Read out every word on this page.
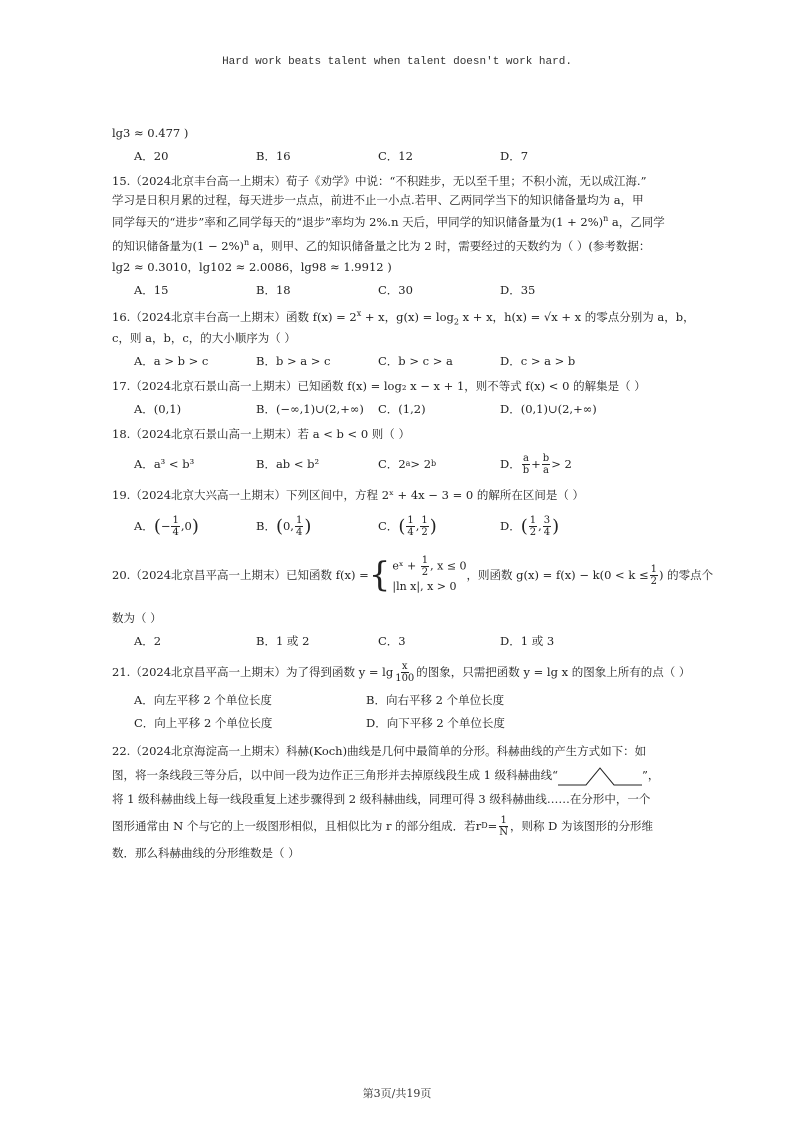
Hard work beats talent when talent doesn't work hard.

lg3 ≈ 0.477 )

A．20	B．16	C．12	D．7

15.（2024北京丰台高一上期末）荀子《劝学》中说：“不积跬步，无以至千里；不积小流，无以成江海.”

学习是日积月累的过程，每天进步一点点，前进不止一小点.若甲、乙两同学当下的知识储备量均为 a，甲

同学每天的“进步”率和乙同学每天的“退步”率均为 2%.n 天后，甲同学的知识储备量为$(1 + 2\%)^n$ a，乙同学

的知识储备量为$(1 - 2\%)^n$ a，则甲、乙的知识储备量之比为 2 时，需要经过的天数约为（ ）(参考数据：

lg2 ≈ 0.3010，lg102 ≈ 2.0086，lg98 ≈ 1.9912 )

A．15	B．18	C．30	D．35

16.（2024北京丰台高一上期末）函数 $f(x) = 2^x + x$，$g(x) = \log_2 x + x$，h(x) = √x + x 的零点分别为 a，b，

c，则 a，b，c，的大小顺序为（ ）

A．a > b > c	B．b > a > c	C．b > c > a	D．c > a > b

17.（2024北京石景山高一上期末）已知函数 f(x) = log₂ x − x + 1，则不等式 f(x) < 0 的解集是（ ）

A．(0,1)	B．(−∞,1)∪(2,+∞)	C．(1,2)	D．(0,1)∪(2,+∞)

18.（2024北京石景山高一上期末）若 a < b < 0 则（ ）

A． a³ < b³	B． ab < b²	C． 2 a > 2 b	D． $\frac{a}{b} + \frac{b}{a} > 2$

19.（2024北京大兴高一上期末）下列区间中，方程 2ˣ + 4x − 3 = 0 的解所在区间是（ ）

A． ( − $\frac{1}{4} ,0$ )	B． ( 0, $\frac{1}{4}$ )	C． ( $\frac{1}{4}$ , $\frac{1}{2}$ )	D． ( $\frac{1}{2}$ , $\frac{3}{4}$ )

20.（2024北京昌平高一上期末）已知函数 f(x) = { eˣ + $\frac{1}{2}$ , x ≤ 0
|ln x|, x > 0
，则函数 $g(x) = f(x) - k(0 < k \le \frac{1}{2}$ ) 的零点个

数为（ ）

A．2	B．1 或 2	C．3	D．1 或 3

21.（2024北京昌平高一上期末）为了得到函数 $y = \lg \frac{x}{100}$ 的图象，只需把函数 y = lg x 的图象上所有的点（ ）

A．向左平移 2 个单位长度	B．向右平移 2 个单位长度
C．向上平移 2 个单位长度	D．向下平移 2 个单位长度

22.（2024北京海淀高一上期末）科赫(Koch)曲线是几何中最简单的分形。科赫曲线的产生方式如下：如

图，将一条线段三等分后，以中间一段为边作正三角形并去掉原线段生成 1 级科赫曲线“	”，

将 1 级科赫曲线上每一线段重复上述步骤得到 2 级科赫曲线，同理可得 3 级科赫曲线……在分形中，一个

图形通常由 N 个与它的上一级图形相似，且相似比为 r 的部分组成．若 r $D = \frac{1}{N}$ ，则称 D 为该图形的分形维

数．那么科赫曲线的分形维数是（ ）

第3页/共19页
